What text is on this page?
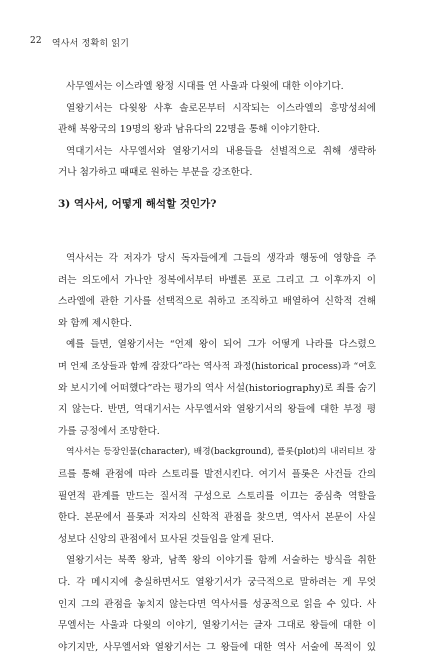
22 역사서 정확히 읽기
사무엘서는 이스라엘 왕정 시대를 연 사울과 다윗에 대한 이야기다.
열왕기서는 다윗왕 사후 솔로몬부터 시작되는 이스라엘의 흥망성쇠에
관해 북왕국의 19명의 왕과 남유다의 22명을 통해 이야기한다.
역대기서는 사무엘서와 열왕기서의 내용들을 선별적으로 취해 생략하
거나 첨가하고 때때로 원하는 부분을 강조한다.
3) 역사서, 어떻게 해석할 것인가?
역사서는 각 저자가 당시 독자들에게 그들의 생각과 행동에 영향을 주
려는 의도에서 가나안 정복에서부터 바벨론 포로 그리고 그 이후까지 이
스라엘에 관한 기사를 선택적으로 취하고 조직하고 배열하여 신학적 견해
와 함께 제시한다.
예를 들면, 열왕기서는 “언제 왕이 되어 그가 어떻게 나라를 다스렸으
며 언제 조상들과 함께 잠잤다”라는 역사적 과정(historical process)과 “여호
와 보시기에 어떠했다”라는 평가의 역사 서설(historiography)로 죄를 숨기
지 않는다. 반면, 역대기서는 사무엘서와 열왕기서의 왕들에 대한 부정 평
가를 긍정에서 조망한다.
역사서는 등장인물(character), 배경(background), 플롯(plot)의 내러티브 장
르를 통해 관점에 따라 스토리를 발전시킨다. 여기서 플롯은 사건들 간의
필연적 관계를 만드는 질서적 구성으로 스토리를 이끄는 중심축 역할을
한다. 본문에서 플롯과 저자의 신학적 관점을 찾으면, 역사서 본문이 사실
성보다 신앙의 관점에서 묘사된 것들임을 알게 된다.
열왕기서는 북쪽 왕과, 남쪽 왕의 이야기를 함께 서술하는 방식을 취한
다. 각 메시지에 충실하면서도 열왕기서가 궁극적으로 말하려는 게 무엇
인지 그의 관점을 놓치지 않는다면 역사서를 성공적으로 읽을 수 있다. 사
무엘서는 사울과 다윗의 이야기, 열왕기서는 글자 그대로 왕들에 대한 이
야기지만, 사무엘서와 열왕기서는 그 왕들에 대한 역사 서술에 목적이 있
